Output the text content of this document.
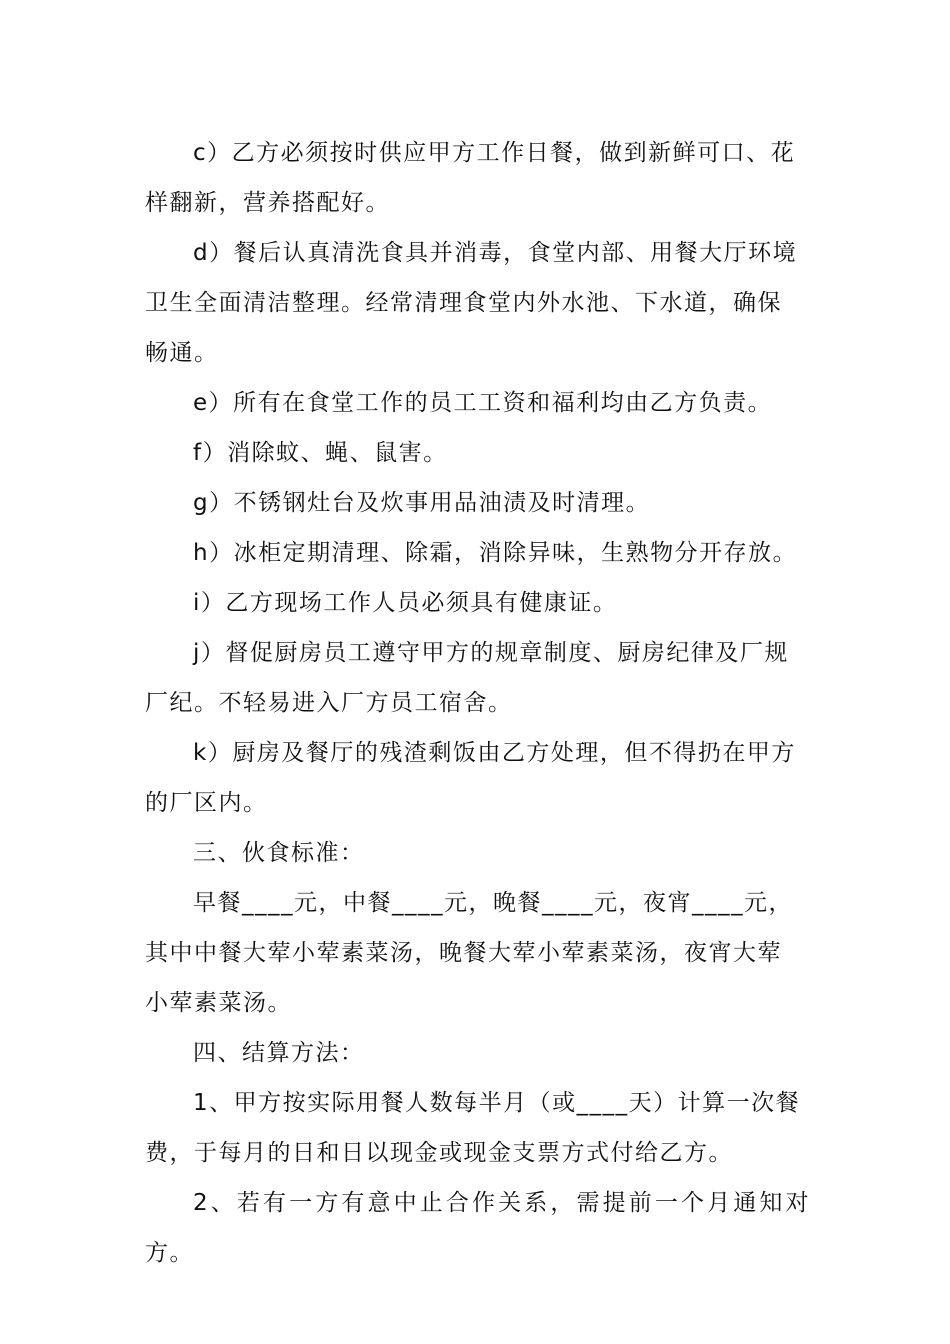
c）乙方必须按时供应甲方工作日餐，做到新鲜可口、花
样翻新，营养搭配好。

d）餐后认真清洗食具并消毒，食堂内部、用餐大厅环境
卫生全面清洁整理。经常清理食堂内外水池、下水道，确保
畅通。

e）所有在食堂工作的员工工资和福利均由乙方负责。

f）消除蚊、蝇、鼠害。

g）不锈钢灶台及炊事用品油渍及时清理。

h）冰柜定期清理、除霜，消除异味，生熟物分开存放。

i）乙方现场工作人员必须具有健康证。

j）督促厨房员工遵守甲方的规章制度、厨房纪律及厂规
厂纪。不轻易进入厂方员工宿舍。

k）厨房及餐厅的残渣剩饭由乙方处理，但不得扔在甲方
的厂区内。

三、伙食标准：

早餐____元，中餐____元，晚餐____元，夜宵____元，
其中中餐大荤小荤素菜汤，晚餐大荤小荤素菜汤，夜宵大荤
小荤素菜汤。

四、结算方法：

1、甲方按实际用餐人数每半月（或____天）计算一次餐
费，于每月的日和日以现金或现金支票方式付给乙方。

2、若有一方有意中止合作关系，需提前一个月通知对方。
